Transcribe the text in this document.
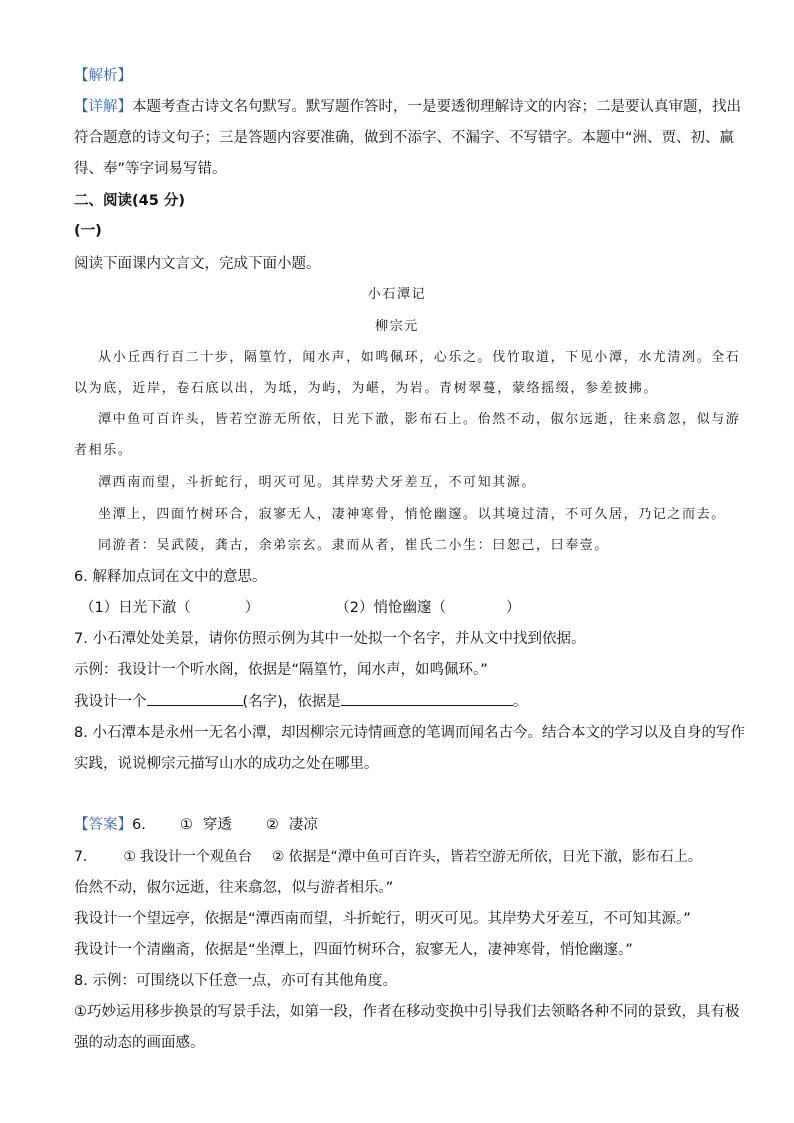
【解析】
【详解】本题考查古诗文名句默写。默写题作答时，一是要透彻理解诗文的内容；二是要认真审题，找出
符合题意的诗文句子；三是答题内容要准确，做到不添字、不漏字、不写错字。本题中“洲、贾、初、赢
得、奉”等字词易写错。
二、阅读(45 分)
(一)
阅读下面课内文言文，完成下面小题。
小石潭记
柳宗元
从小丘西行百二十步，隔篁竹，闻水声，如鸣佩环，心乐之。伐竹取道，下见小潭，水尤清冽。全石
以为底，近岸，卷石底以出，为坻，为屿，为嵁，为岩。青树翠蔓，蒙络摇缀，参差披拂。
潭中鱼可百许头，皆若空游无所依，日光下澈，影布石上。佁然不动，俶尔远逝，往来翕忽，似与游
者相乐。
潭西南而望，斗折蛇行，明灭可见。其岸势犬牙差互，不可知其源。
坐潭上，四面竹树环合，寂寥无人，凄神寒骨，悄怆幽邃。以其境过清，不可久居，乃记之而去。
同游者：吴武陵，龚古，余弟宗玄。隶而从者，崔氏二小生：曰恕己，曰奉壹。
6. 解释加点词在文中的意思。
（1）日光下澈（	）	（2）悄怆幽邃（	）
7. 小石潭处处美景，请你仿照示例为其中一处拟一个名字，并从文中找到依据。
示例：我设计一个听水阁，依据是“隔篁竹，闻水声，如鸣佩环。”
我设计一个	(名字)，依据是	。
8. 小石潭本是永州一无名小潭，却因柳宗元诗情画意的笔调而闻名古今。结合本文的学习以及自身的写作
实践，说说柳宗元描写山水的成功之处在哪里。
【答案】6. ① 穿透 ② 凄凉
7.	① 我设计一个观鱼台 ② 依据是“潭中鱼可百许头，皆若空游无所依，日光下澈，影布石上。
佁然不动，俶尔远逝，往来翕忽，似与游者相乐。”
我设计一个望远亭，依据是“潭西南而望，斗折蛇行，明灭可见。其岸势犬牙差互，不可知其源。”
我设计一个清幽斋，依据是“坐潭上，四面竹树环合，寂寥无人，凄神寒骨，悄怆幽邃。”
8. 示例：可围绕以下任意一点，亦可有其他角度。
①巧妙运用移步换景的写景手法，如第一段，作者在移动变换中引导我们去领略各种不同的景致，具有极
强的动态的画面感。
